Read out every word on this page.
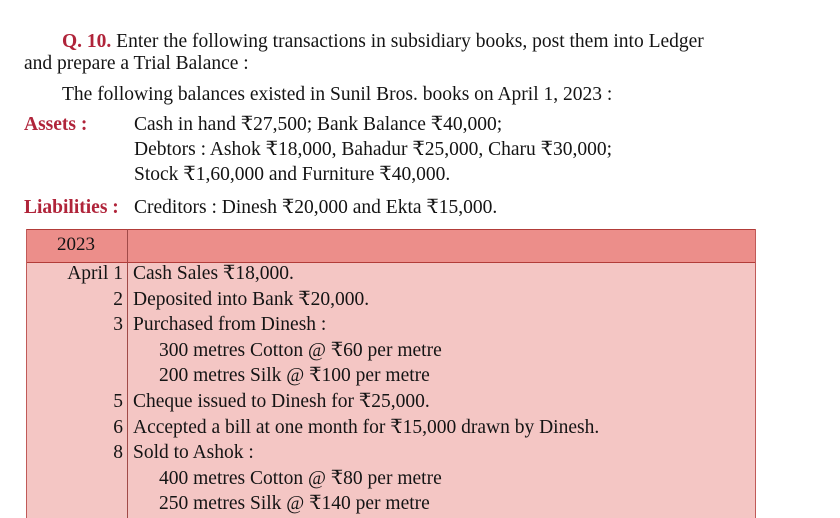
Q. 10. Enter the following transactions in subsidiary books, post them into Ledger
and prepare a Trial Balance :
The following balances existed in Sunil Bros. books on April 1, 2023 :
Assets : Cash in hand ₹27,500; Bank Balance ₹40,000;
Debtors : Ashok ₹18,000, Bahadur ₹25,000, Charu ₹30,000;
Stock ₹1,60,000 and Furniture ₹40,000.
Liabilities : Creditors : Dinesh ₹20,000 and Ekta ₹15,000.
2023
April 1 Cash Sales ₹18,000.
2 Deposited into Bank ₹20,000.
3 Purchased from Dinesh :
300 metres Cotton @ ₹60 per metre
200 metres Silk @ ₹100 per metre
5 Cheque issued to Dinesh for ₹25,000.
6 Accepted a bill at one month for ₹15,000 drawn by Dinesh.
8 Sold to Ashok :
400 metres Cotton @ ₹80 per metre
250 metres Silk @ ₹140 per metre
